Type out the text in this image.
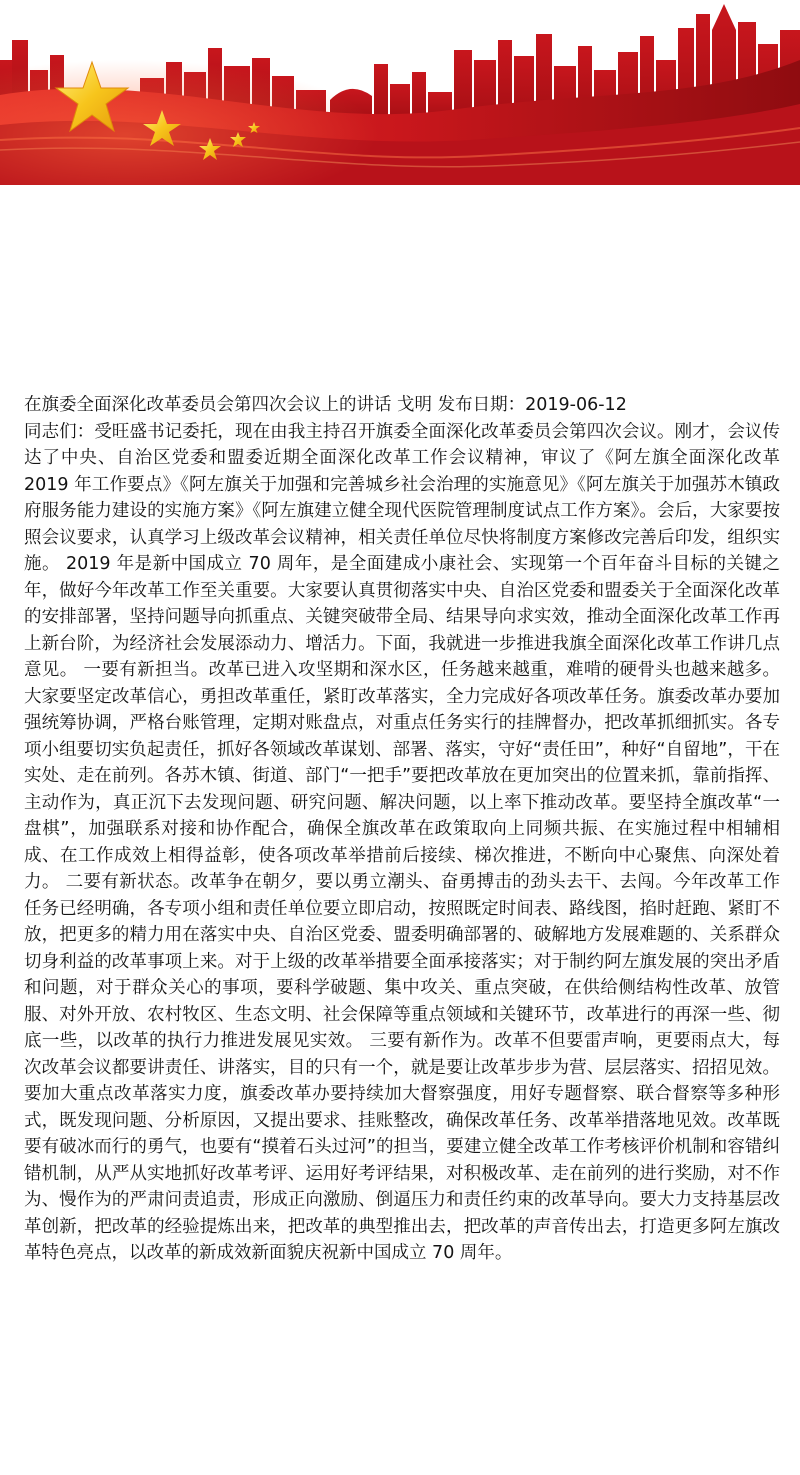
在旗委全面深化改革委员会第四次会议上的讲话 戈明 发布日期：2019-06-12

同志们：受旺盛书记委托，现在由我主持召开旗委全面深化改革委员会第四次会议。刚才，会议传达了中央、自治区党委和盟委近期全面深化改革工作会议精神，审议了《阿左旗全面深化改革 2019 年工作要点》《阿左旗关于加强和完善城乡社会治理的实施意见》《阿左旗关于加强苏木镇政府服务能力建设的实施方案》《阿左旗建立健全现代医院管理制度试点工作方案》。会后，大家要按照会议要求，认真学习上级改革会议精神，相关责任单位尽快将制度方案修改完善后印发，组织实施。 2019 年是新中国成立 70 周年，是全面建成小康社会、实现第一个百年奋斗目标的关键之年，做好今年改革工作至关重要。大家要认真贯彻落实中央、自治区党委和盟委关于全面深化改革的安排部署，坚持问题导向抓重点、关键突破带全局、结果导向求实效，推动全面深化改革工作再上新台阶，为经济社会发展添动力、增活力。下面，我就进一步推进我旗全面深化改革工作讲几点意见。 一要有新担当。改革已进入攻坚期和深水区，任务越来越重，难啃的硬骨头也越来越多。大家要坚定改革信心，勇担改革重任，紧盯改革落实，全力完成好各项改革任务。旗委改革办要加强统筹协调，严格台账管理，定期对账盘点，对重点任务实行的挂牌督办，把改革抓细抓实。各专项小组要切实负起责任，抓好各领域改革谋划、部署、落实，守好“责任田”，种好“自留地”，干在实处、走在前列。各苏木镇、街道、部门“一把手”要把改革放在更加突出的位置来抓，靠前指挥、主动作为，真正沉下去发现问题、研究问题、解决问题，以上率下推动改革。要坚持全旗改革“一盘棋”，加强联系对接和协作配合，确保全旗改革在政策取向上同频共振、在实施过程中相辅相成、在工作成效上相得益彰，使各项改革举措前后接续、梯次推进，不断向中心聚焦、向深处着力。 二要有新状态。改革争在朝夕，要以勇立潮头、奋勇搏击的劲头去干、去闯。今年改革工作任务已经明确，各专项小组和责任单位要立即启动，按照既定时间表、路线图，掐时赶跑、紧盯不放，把更多的精力用在落实中央、自治区党委、盟委明确部署的、破解地方发展难题的、关系群众切身利益的改革事项上来。对于上级的改革举措要全面承接落实；对于制约阿左旗发展的突出矛盾和问题，对于群众关心的事项，要科学破题、集中攻关、重点突破，在供给侧结构性改革、放管服、对外开放、农村牧区、生态文明、社会保障等重点领域和关键环节，改革进行的再深一些、彻底一些，以改革的执行力推进发展见实效。 三要有新作为。改革不但要雷声响，更要雨点大，每次改革会议都要讲责任、讲落实，目的只有一个，就是要让改革步步为营、层层落实、招招见效。要加大重点改革落实力度，旗委改革办要持续加大督察强度，用好专题督察、联合督察等多种形式，既发现问题、分析原因，又提出要求、挂账整改，确保改革任务、改革举措落地见效。改革既要有破冰而行的勇气，也要有“摸着石头过河”的担当，要建立健全改革工作考核评价机制和容错纠错机制，从严从实地抓好改革考评、运用好考评结果，对积极改革、走在前列的进行奖励，对不作为、慢作为的严肃问责追责，形成正向激励、倒逼压力和责任约束的改革导向。要大力支持基层改革创新，把改革的经验提炼出来，把改革的典型推出去，把改革的声音传出去，打造更多阿左旗改革特色亮点，以改革的新成效新面貌庆祝新中国成立 70 周年。
